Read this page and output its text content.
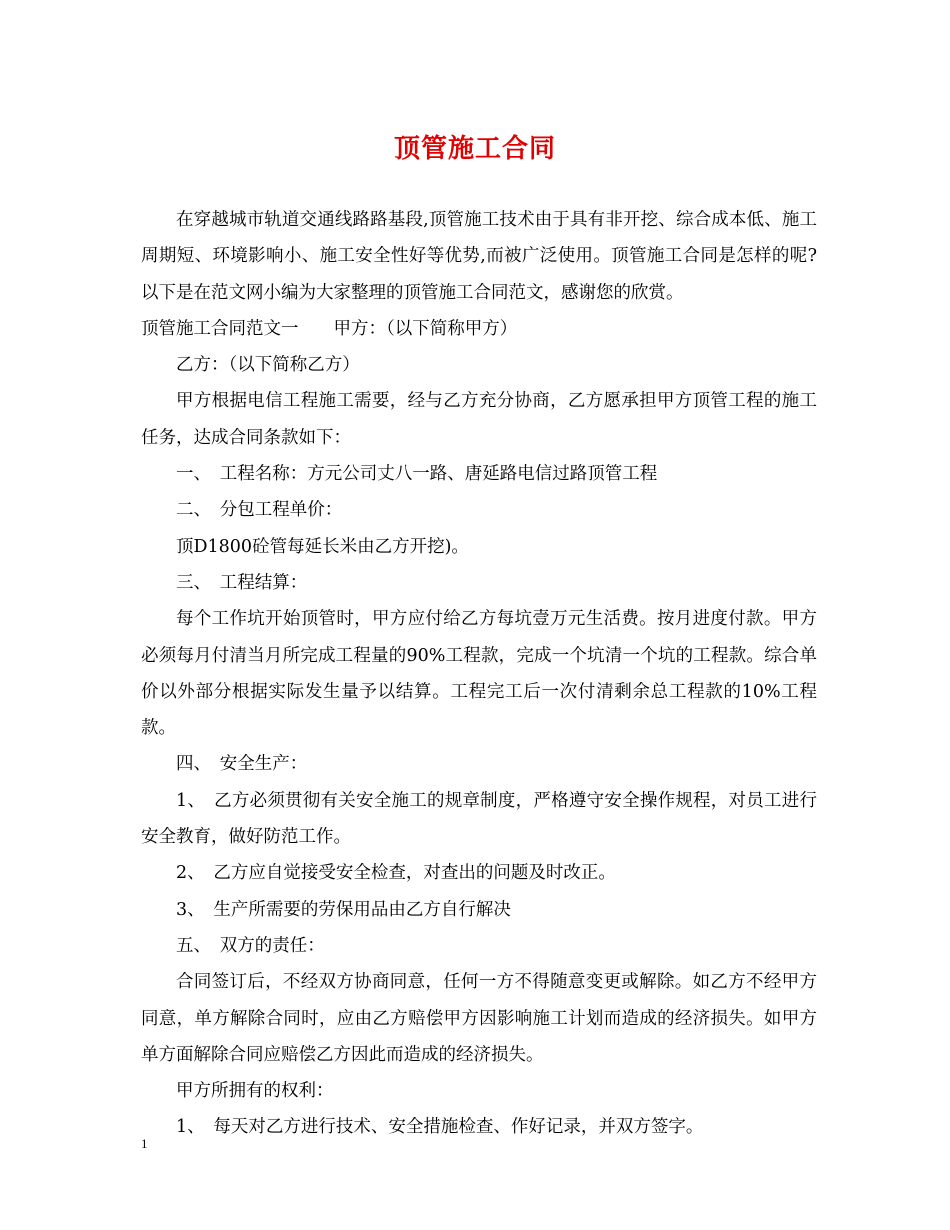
顶管施工合同

在穿越城市轨道交通线路路基段,顶管施工技术由于具有非开挖、综合成本低、施工周期短、环境影响小、施工安全性好等优势,而被广泛使用。顶管施工合同是怎样的呢?以下是在范文网小编为大家整理的顶管施工合同范文，感谢您的欣赏。

顶管施工合同范文一　　甲方：（以下简称甲方）

乙方：（以下简称乙方）

甲方根据电信工程施工需要，经与乙方充分协商，乙方愿承担甲方顶管工程的施工任务，达成合同条款如下：

一、　工程名称：方元公司丈八一路、唐延路电信过路顶管工程

二、　分包工程单价：

顶D1800砼管每延长米由乙方开挖)。

三、　工程结算：

每个工作坑开始顶管时，甲方应付给乙方每坑壹万元生活费。按月进度付款。甲方必须每月付清当月所完成工程量的90%工程款，完成一个坑清一个坑的工程款。综合单价以外部分根据实际发生量予以结算。工程完工后一次付清剩余总工程款的10%工程款。

四、　安全生产：

1、　乙方必须贯彻有关安全施工的规章制度，严格遵守安全操作规程，对员工进行安全教育，做好防范工作。

2、　乙方应自觉接受安全检查，对查出的问题及时改正。

3、　生产所需要的劳保用品由乙方自行解决

五、　双方的责任：

合同签订后，不经双方协商同意，任何一方不得随意变更或解除。如乙方不经甲方同意，单方解除合同时，应由乙方赔偿甲方因影响施工计划而造成的经济损失。如甲方单方面解除合同应赔偿乙方因此而造成的经济损失。

甲方所拥有的权利：

1、　每天对乙方进行技术、安全措施检查、作好记录，并双方签字。

1
